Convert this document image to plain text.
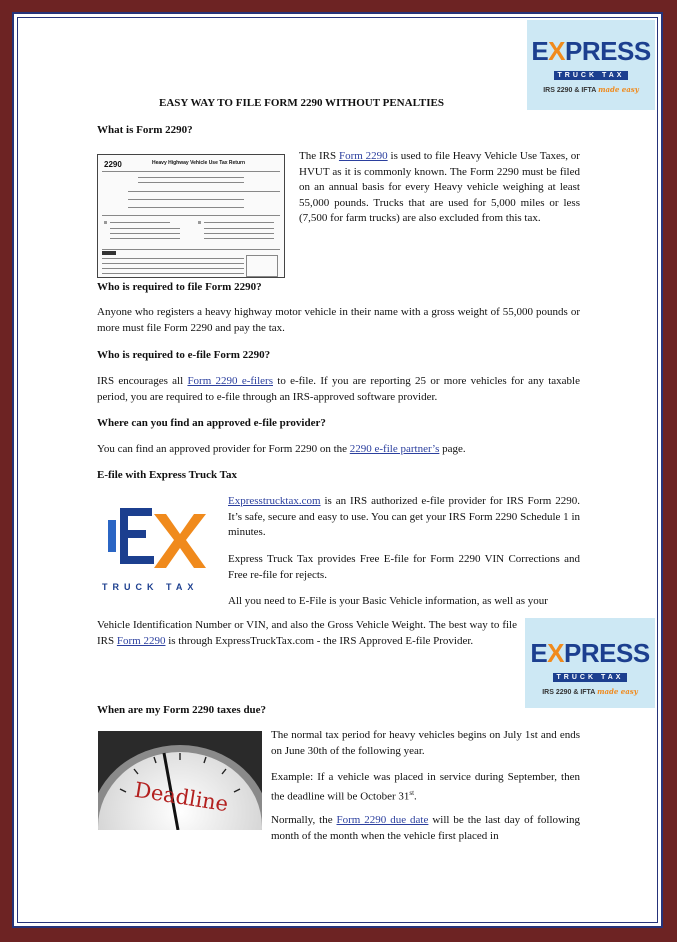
EXPRESS
TRUCK TAX
IRS 2290 & IFTA made easy
EASY WAY TO FILE FORM 2290 WITHOUT PENALTIES
What is Form 2290?
2290	Heavy Highway Vehicle Use Tax Return
The IRS Form 2290 is used to file Heavy Vehicle Use Taxes, or HVUT as it is commonly known. The Form 2290 must be filed on an annual basis for every Heavy vehicle weighing at least 55,000 pounds. Trucks that are used for 5,000 miles or less (7,500 for farm trucks) are also excluded from this tax.
Who is required to file Form 2290?
Anyone who registers a heavy highway motor vehicle in their name with a gross weight of 55,000 pounds or more must file Form 2290 and pay the tax.
Who is required to e-file Form 2290?
IRS encourages all Form 2290 e-filers to e-file. If you are reporting 25 or more vehicles for any taxable period, you are required to e-file through an IRS-approved software provider.
Where can you find an approved e-file provider?
You can find an approved provider for Form 2290 on the 2290 e-file partner’s page.
E-file with Express Truck Tax
TRUCK TAX
Expresstrucktax.com is an IRS authorized e-file provider for IRS Form 2290. It’s safe, secure and easy to use. You can get your IRS Form 2290 Schedule 1 in minutes.
Express Truck Tax provides Free E-file for Form 2290 VIN Corrections and Free re-file for rejects.
All you need to E-File is your Basic Vehicle information, as well as your
Vehicle Identification Number or VIN, and also the Gross Vehicle Weight. The best way to file IRS Form 2290 is through ExpressTruckTax.com - the IRS Approved E-file Provider.	EXPRESS
TRUCK TAX
IRS 2290 & IFTA made easy
When are my Form 2290 taxes due?
Deadline
The normal tax period for heavy vehicles begins on July 1st and ends on June 30th of the following year.
Example: If a vehicle was placed in service during September, then the deadline will be October 31st.
Normally, the Form 2290 due date will be the last day of following month of the month when the vehicle first placed in
